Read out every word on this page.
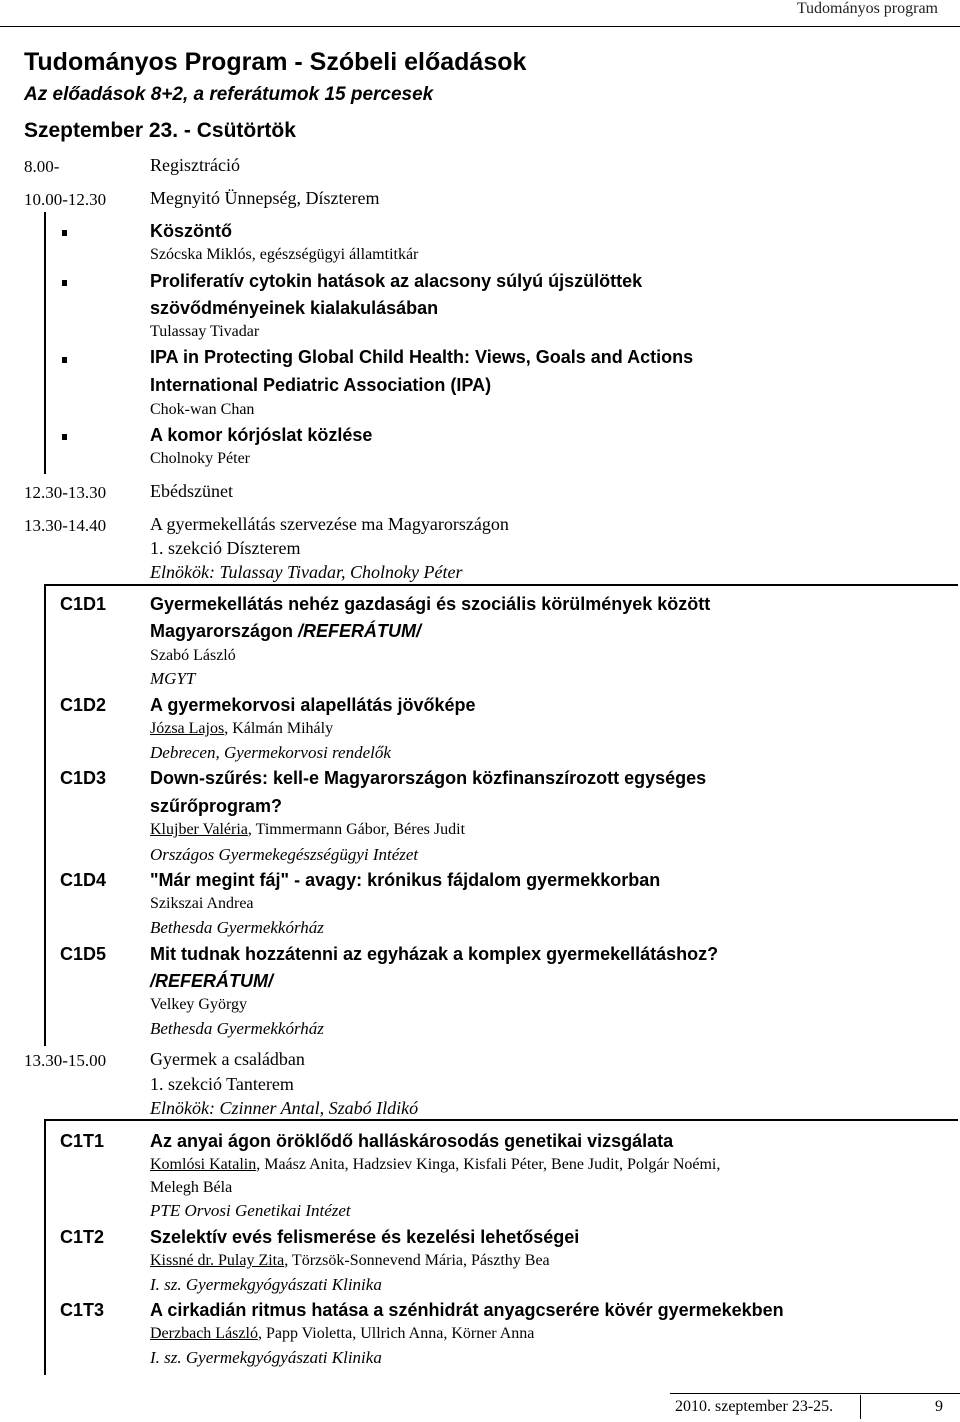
Tudományos program
Tudományos Program - Szóbeli előadások
Az előadások 8+2, a referátumok 15 percesek
Szeptember 23. - Csütörtök
8.00-	Regisztráció
10.00-12.30 Megnyitó Ünnepség, Díszterem
Köszöntő
Szócska Miklós, egészségügyi államtitkár
Proliferatív cytokin hatások az alacsony súlyú újszülöttek
szövődményeinek kialakulásában
Tulassay Tivadar
IPA in Protecting Global Child Health: Views, Goals and Actions
International Pediatric Association (IPA)
Chok-wan Chan
A komor kórjóslat közlése
Cholnoky Péter
12.30-13.30 Ebédszünet
13.30-14.40 A gyermekellátás szervezése ma Magyarországon
1. szekció Díszterem
Elnökök: Tulassay Tivadar, Cholnoky Péter
C1D1 Gyermekellátás nehéz gazdasági és szociális körülmények között
Magyarországon /REFERÁTUM/
Szabó László
MGYT
C1D2 A gyermekorvosi alapellátás jövőképe
Józsa Lajos, Kálmán Mihály
Debrecen, Gyermekorvosi rendelők
C1D3 Down-szűrés: kell-e Magyarországon közfinanszírozott egységes
szűrőprogram?
Klujber Valéria, Timmermann Gábor, Béres Judit
Országos Gyermekegészségügyi Intézet
C1D4 "Már megint fáj" - avagy: krónikus fájdalom gyermekkorban
Szikszai Andrea
Bethesda Gyermekkórház
C1D5 Mit tudnak hozzátenni az egyházak a komplex gyermekellátáshoz?
/REFERÁTUM/
Velkey György
Bethesda Gyermekkórház
13.30-15.00 Gyermek a családban
1. szekció Tanterem
Elnökök: Czinner Antal, Szabó Ildikó
C1T1	Az anyai ágon öröklődő halláskárosodás genetikai vizsgálata
Komlósi Katalin, Maász Anita, Hadzsiev Kinga, Kisfali Péter, Bene Judit, Polgár Noémi,
Melegh Béla
PTE Orvosi Genetikai Intézet
C1T2	Szelektív evés felismerése és kezelési lehetőségei
Kissné dr. Pulay Zita, Törzsök-Sonnevend Mária, Pászthy Bea
I. sz. Gyermekgyógyászati Klinika
C1T3	A cirkadián ritmus hatása a szénhidrát anyagcserére kövér gyermekekben
Derzbach László, Papp Violetta, Ullrich Anna, Körner Anna
I. sz. Gyermekgyógyászati Klinika
2010. szeptember 23-25.	9
